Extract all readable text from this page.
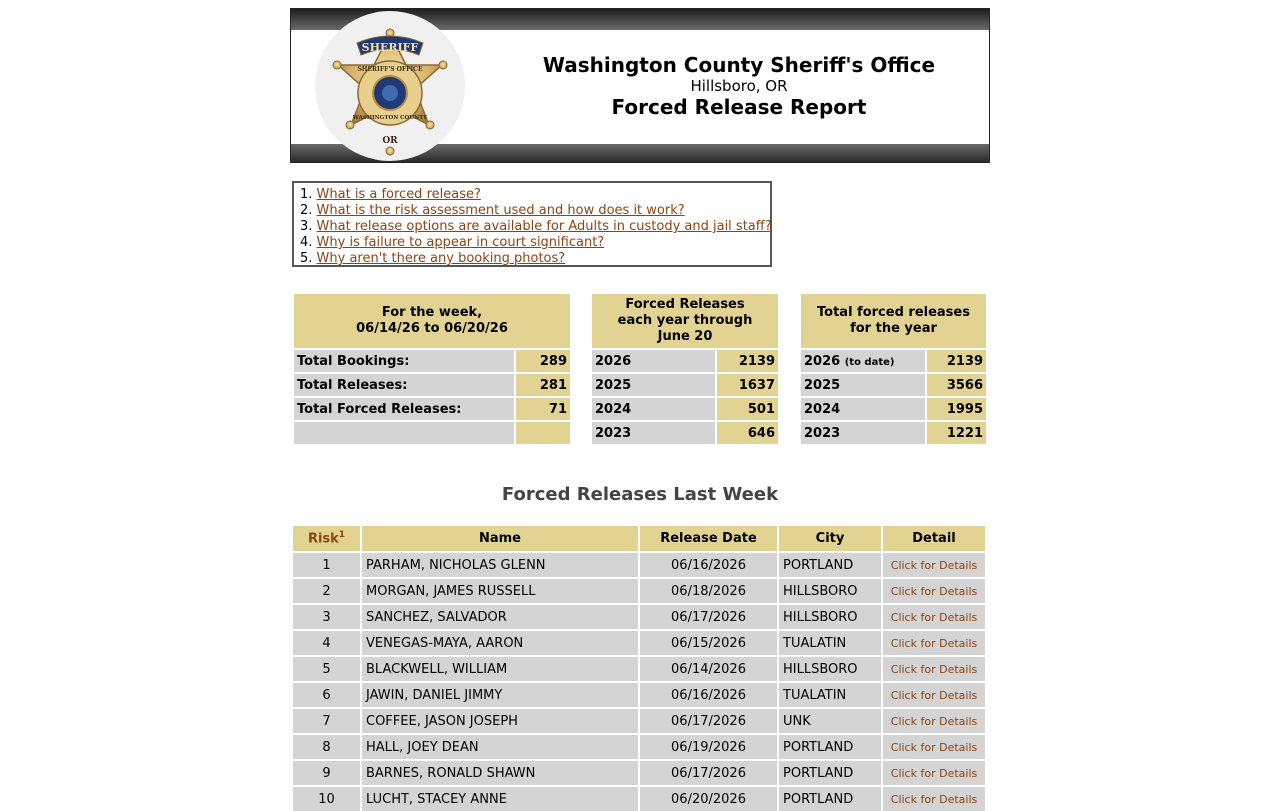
SHERIFF
SHERIFF'S OFFICE
WASHINGTON COUNTY
OR
Washington County Sheriff's Office
Hillsboro, OR
Forced Release Report
1. What is a forced release?
2. What is the risk assessment used and how does it work?
3. What release options are available for Adults in custody and jail staff?
4. Why is failure to appear in court significant?
5. Why aren't there any booking photos?
For the week,
06/14/26 to 06/20/26	
Total Bookings:	289
Total Releases:	281
Total Forced Releases:	71

Forced Releases
each year through
June 20	
2026	2139
2025	1637
2024	501
2023	646
Total forced releases
for the year	
2026 (to date)	2139
2025	3566
2024	1995
2023	1221
Forced Releases Last Week
Risk$^1$	Name	Release Date	City	Detail
1	PARHAM, NICHOLAS GLENN	06/16/2026	PORTLAND	Click for Details
2	MORGAN, JAMES RUSSELL	06/18/2026	HILLSBORO	Click for Details
3	SANCHEZ, SALVADOR	06/17/2026	HILLSBORO	Click for Details
4	VENEGAS-MAYA, AARON	06/15/2026	TUALATIN	Click for Details
5	BLACKWELL, WILLIAM	06/14/2026	HILLSBORO	Click for Details
6	JAWIN, DANIEL JIMMY	06/16/2026	TUALATIN	Click for Details
7	COFFEE, JASON JOSEPH	06/17/2026	UNK	Click for Details
8	HALL, JOEY DEAN	06/19/2026	PORTLAND	Click for Details
9	BARNES, RONALD SHAWN	06/17/2026	PORTLAND	Click for Details
10	LUCHT, STACEY ANNE	06/20/2026	PORTLAND	Click for Details
